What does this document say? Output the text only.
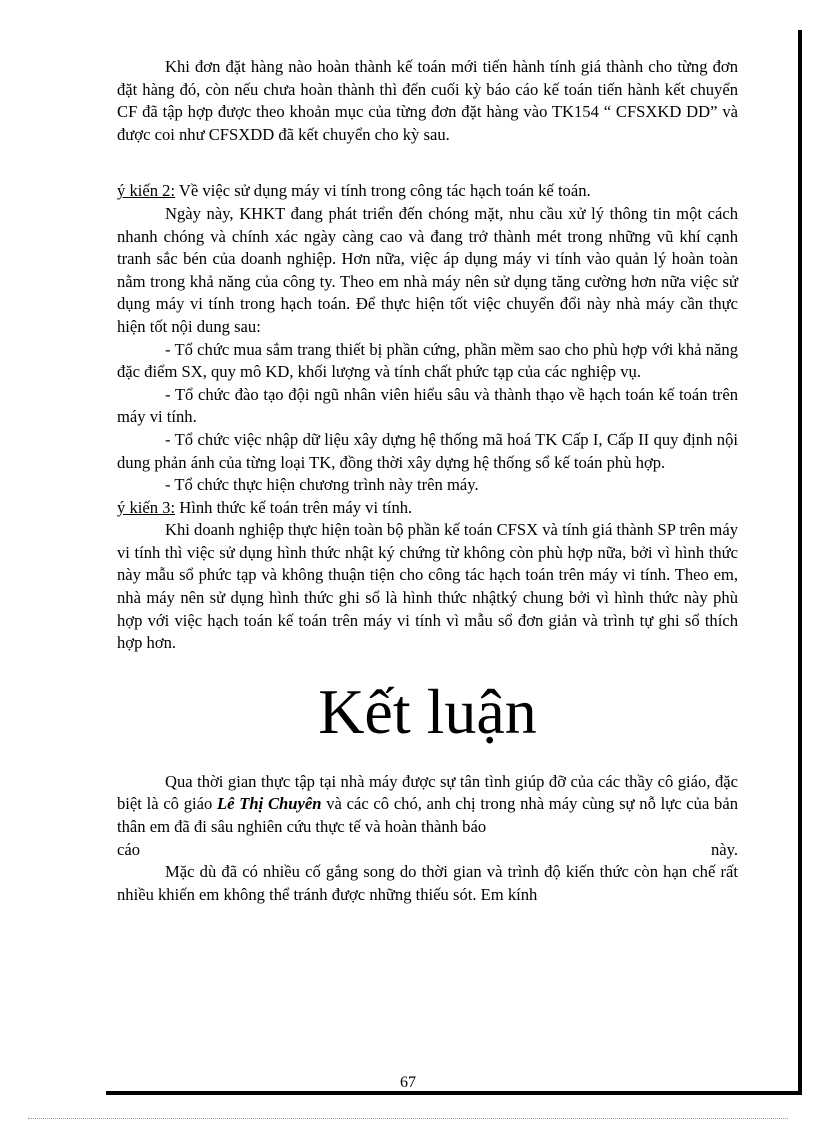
Khi đơn đặt hàng nào hoàn thành kế toán mới tiến hành tính giá thành cho từng đơn đặt hàng đó, còn nếu chưa hoàn thành thì đến cuối kỳ báo cáo kế toán tiến hành kết chuyển CF đã tập hợp được theo khoản mục của từng đơn đặt hàng vào TK154 “ CFSXKD DD” và được coi như CFSXDD đã kết chuyển cho kỳ sau.

ý kiến 2: Về việc sử dụng máy vi tính trong công tác hạch toán kế toán.

Ngày này, KHKT đang phát triển đến chóng mặt, nhu cầu xử lý thông tin một cách nhanh chóng và chính xác ngày càng cao và đang trở thành mét trong những vũ khí cạnh tranh sắc bén của doanh nghiệp. Hơn nữa, việc áp dụng máy vi tính vào quản lý hoàn toàn nằm trong khả năng của công ty. Theo em nhà máy nên sử dụng tăng cường hơn nữa việc sử dụng máy vi tính trong hạch toán. Để thực hiện tốt việc chuyển đổi này nhà máy cần thực hiện tốt nội dung sau:

- Tổ chức mua sắm trang thiết bị phần cứng, phần mềm sao cho phù hợp với khả năng đặc điểm SX, quy mô KD, khối lượng và tính chất phức tạp của các nghiệp vụ.

- Tổ chức đào tạo đội ngũ nhân viên hiểu sâu và thành thạo về hạch toán kế toán trên máy vi tính.

- Tổ chức việc nhập dữ liệu xây dựng hệ thống mã hoá TK Cấp I, Cấp II quy định nội dung phản ánh của từng loại TK, đồng thời xây dựng hệ thống sổ kế toán phù hợp.

- Tổ chức thực hiện chương trình này trên máy.

ý kiến 3: Hình thức kế toán trên máy vi tính.

Khi doanh nghiệp thực hiện toàn bộ phần kế toán CFSX và tính giá thành SP trên máy vi tính thì việc sử dụng hình thức nhật ký chứng từ không còn phù hợp nữa, bởi vì hình thức này mẫu sổ phức tạp và không thuận tiện cho công tác hạch toán trên máy vi tính. Theo em, nhà máy nên sử dụng hình thức ghi sổ là hình thức nhậtký chung bởi vì hình thức này phù hợp với việc hạch toán kế toán trên máy vi tính vì mẫu sổ đơn giản và trình tự ghi sổ thích hợp hơn.

Kết luận

Qua thời gian thực tập tại nhà máy được sự tân tình giúp đỡ của các thầy cô giáo, đặc biệt là cô giáo Lê Thị Chuyên và các cô chó, anh chị trong nhà máy cùng sự nỗ lực của bản thân em đã đi sâu nghiên cứu thực tế và hoàn thành báo

cáo	này.

Mặc dù đã có nhiều cố gắng song do thời gian và trình độ kiến thức còn hạn chế rất nhiều khiến em không thể tránh được những thiếu sót. Em kính

67
